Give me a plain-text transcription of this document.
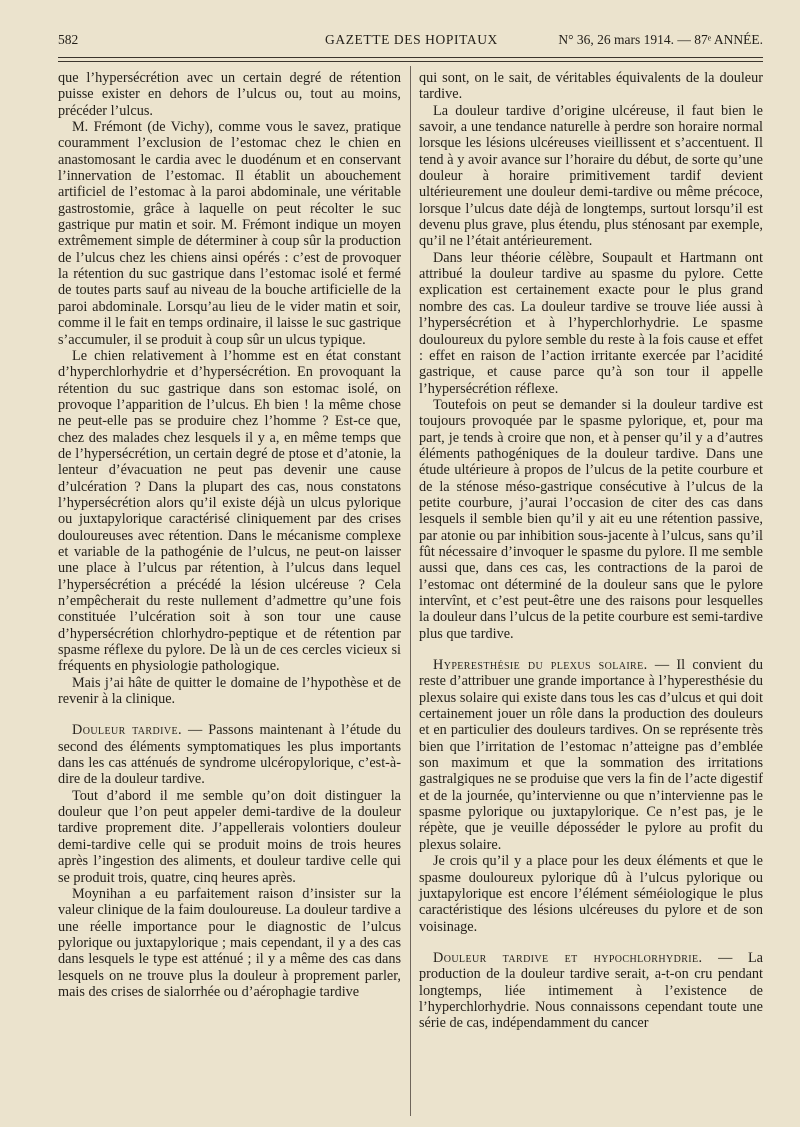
582	GAZETTE DES HOPITAUX	N° 36, 26 mars 1914. — 87ᵉ ANNÉE.

que l’hypersécrétion avec un certain degré de rétention puisse exister en dehors de l’ulcus ou, tout au moins, précéder l’ulcus.

M. Frémont (de Vichy), comme vous le savez, pratique couramment l’exclusion de l’estomac chez le chien en anastomosant le cardia avec le duodénum et en conservant l’innervation de l’estomac. Il établit un abouchement artificiel de l’estomac à la paroi abdominale, une véritable gastrostomie, grâce à laquelle on peut récolter le suc gastrique pur matin et soir. M. Frémont indique un moyen extrêmement simple de déterminer à coup sûr la production de l’ulcus chez les chiens ainsi opérés : c’est de provoquer la rétention du suc gastrique dans l’estomac isolé et fermé de toutes parts sauf au niveau de la bouche artificielle de la paroi abdominale. Lorsqu’au lieu de le vider matin et soir, comme il le fait en temps ordinaire, il laisse le suc gastrique s’accumuler, il se produit à coup sûr un ulcus typique.

Le chien relativement à l’homme est en état constant d’hyperchlorhydrie et d’hypersécrétion. En provoquant la rétention du suc gastrique dans son estomac isolé, on provoque l’apparition de l’ulcus. Eh bien ! la même chose ne peut-elle pas se produire chez l’homme ? Est-ce que, chez des malades chez lesquels il y a, en même temps que de l’hypersécrétion, un certain degré de ptose et d’atonie, la lenteur d’évacuation ne peut pas devenir une cause d’ulcération ? Dans la plupart des cas, nous constatons l’hypersécrétion alors qu’il existe déjà un ulcus pylorique ou juxtapylorique caractérisé cliniquement par des crises douloureuses avec rétention. Dans le mécanisme complexe et variable de la pathogénie de l’ulcus, ne peut-on laisser une place à l’ulcus par rétention, à l’ulcus dans lequel l’hypersécrétion a précédé la lésion ulcéreuse ? Cela n’empêcherait du reste nullement d’admettre qu’une fois constituée l’ulcération soit à son tour une cause d’hypersécrétion chlorhydro-peptique et de rétention par spasme réflexe du pylore. De là un de ces cercles vicieux si fréquents en physiologie pathologique.

Mais j’ai hâte de quitter le domaine de l’hypothèse et de revenir à la clinique.

Douleur tardive. — Passons maintenant à l’étude du second des éléments symptomatiques les plus importants dans les cas atténués de syndrome ulcéropylorique, c’est-à-dire de la douleur tardive.

Tout d’abord il me semble qu’on doit distinguer la douleur que l’on peut appeler demi-tardive de la douleur tardive proprement dite. J’appellerais volontiers douleur demi-tardive celle qui se produit moins de trois heures après l’ingestion des aliments, et douleur tardive celle qui se produit trois, quatre, cinq heures après.

Moynihan a eu parfaitement raison d’insister sur la valeur clinique de la faim douloureuse. La douleur tardive a une réelle importance pour le diagnostic de l’ulcus pylorique ou juxtapylorique ; mais cependant, il y a des cas dans lesquels le type est atténué ; il y a même des cas dans lesquels on ne trouve plus la douleur à proprement parler, mais des crises de sialorrhée ou d’aérophagie tardive

qui sont, on le sait, de véritables équivalents de la douleur tardive.

La douleur tardive d’origine ulcéreuse, il faut bien le savoir, a une tendance naturelle à perdre son horaire normal lorsque les lésions ulcéreuses vieillissent et s’accentuent. Il tend à y avoir avance sur l’horaire du début, de sorte qu’une douleur à horaire primitivement tardif devient ultérieurement une douleur demi-tardive ou même précoce, lorsque l’ulcus date déjà de longtemps, surtout lorsqu’il est devenu plus grave, plus étendu, plus sténosant par exemple, qu’il ne l’était antérieurement.

Dans leur théorie célèbre, Soupault et Hartmann ont attribué la douleur tardive au spasme du pylore. Cette explication est certainement exacte pour le plus grand nombre des cas. La douleur tardive se trouve liée aussi à l’hypersécrétion et à l’hyperchlorhydrie. Le spasme douloureux du pylore semble du reste à la fois cause et effet : effet en raison de l’action irritante exercée par l’acidité gastrique, et cause parce qu’à son tour il appelle l’hypersécrétion réflexe.

Toutefois on peut se demander si la douleur tardive est toujours provoquée par le spasme pylorique, et, pour ma part, je tends à croire que non, et à penser qu’il y a d’autres éléments pathogéniques de la douleur tardive. Dans une étude ultérieure à propos de l’ulcus de la petite courbure et de la sténose méso-gastrique consécutive à l’ulcus de la petite courbure, j’aurai l’occasion de citer des cas dans lesquels il semble bien qu’il y ait eu une rétention passive, par atonie ou par inhibition sous-jacente à l’ulcus, sans qu’il fût nécessaire d’invoquer le spasme du pylore. Il me semble aussi que, dans ces cas, les contractions de la paroi de l’estomac ont déterminé de la douleur sans que le pylore intervînt, et c’est peut-être une des raisons pour lesquelles la douleur dans l’ulcus de la petite courbure est semi-tardive plus que tardive.

Hyperesthésie du plexus solaire. — Il convient du reste d’attribuer une grande importance à l’hyperesthésie du plexus solaire qui existe dans tous les cas d’ulcus et qui doit certainement jouer un rôle dans la production des douleurs et en particulier des douleurs tardives. On se représente très bien que l’irritation de l’estomac n’atteigne pas d’emblée son maximum et que la sommation des irritations gastralgiques ne se produise que vers la fin de l’acte digestif et de la journée, qu’intervienne ou que n’intervienne pas le spasme pylorique ou juxtapylorique. Ce n’est pas, je le répète, que je veuille déposséder le pylore au profit du plexus solaire.

Je crois qu’il y a place pour les deux éléments et que le spasme douloureux pylorique dû à l’ulcus pylorique ou juxtapylorique est encore l’élément séméiologique le plus caractéristique des lésions ulcéreuses du pylore et de son voisinage.

Douleur tardive et hypochlorhydrie. — La production de la douleur tardive serait, a-t-on cru pendant longtemps, liée intimement à l’existence de l’hyperchlorhydrie. Nous connaissons cependant toute une série de cas, indépendamment du cancer
